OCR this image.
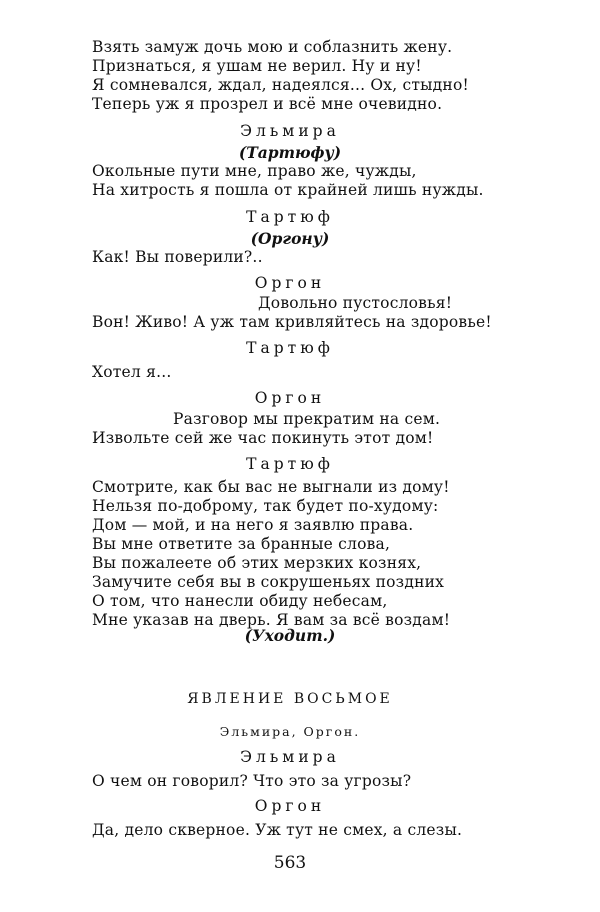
Взять замуж дочь мою и соблазнить жену.
Признаться, я ушам не верил. Ну и ну!
Я сомневался, ждал, надеялся... Ох, стыдно!
Теперь уж я прозрел и всё мне очевидно.
Эльмира
(Тартюфу)
Окольные пути мне, право же, чужды,
На хитрость я пошла от крайней лишь нужды.
Тартюф
(Оргону)
Как! Вы поверили?..
Оргон
Довольно пустословья!
Вон! Живо! А уж там кривляйтесь на здоровье!
Тартюф
Хотел я...
Оргон
Разговор мы прекратим на сем.
Извольте сей же час покинуть этот дом!
Тартюф
Смотрите, как бы вас не выгнали из дому!
Нельзя по-доброму, так будет по-худому:
Дом — мой, и на него я заявлю права.
Вы мне ответите за бранные слова,
Вы пожалеете об этих мерзких кознях,
Замучите себя вы в сокрушеньях поздних
О том, что нанесли обиду небесам,
Мне указав на дверь. Я вам за всё воздам!
(Уходит.)
ЯВЛЕНИЕ ВОСЬМОЕ
Эльмира, Оргон.
Эльмира
О чем он говорил? Что это за угрозы?
Оргон
Да, дело скверное. Уж тут не смех, а слезы.
563
